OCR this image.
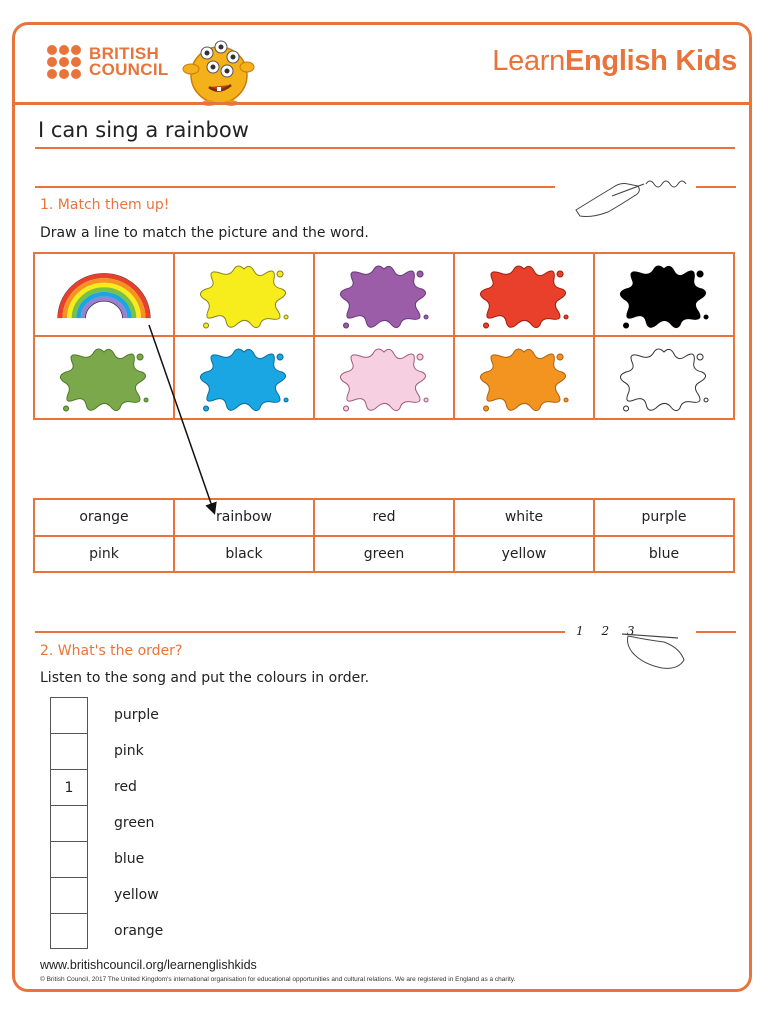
BRITISH
COUNCIL	LearnEnglish Kids
I can sing a rainbow
1. Match them up!
Draw a line to match the picture and the word.
orange	rainbow	red	white	purple
pink	black	green	yellow	blue
1 2 3
2. What's the order?
Listen to the song and put the colours in order.
purple
pink
1	red
green
blue
yellow
orange
www.britishcouncil.org/learnenglishkids
© British Council, 2017 The United Kingdom's international organisation for educational opportunities and cultural relations. We are registered in England as a charity.
